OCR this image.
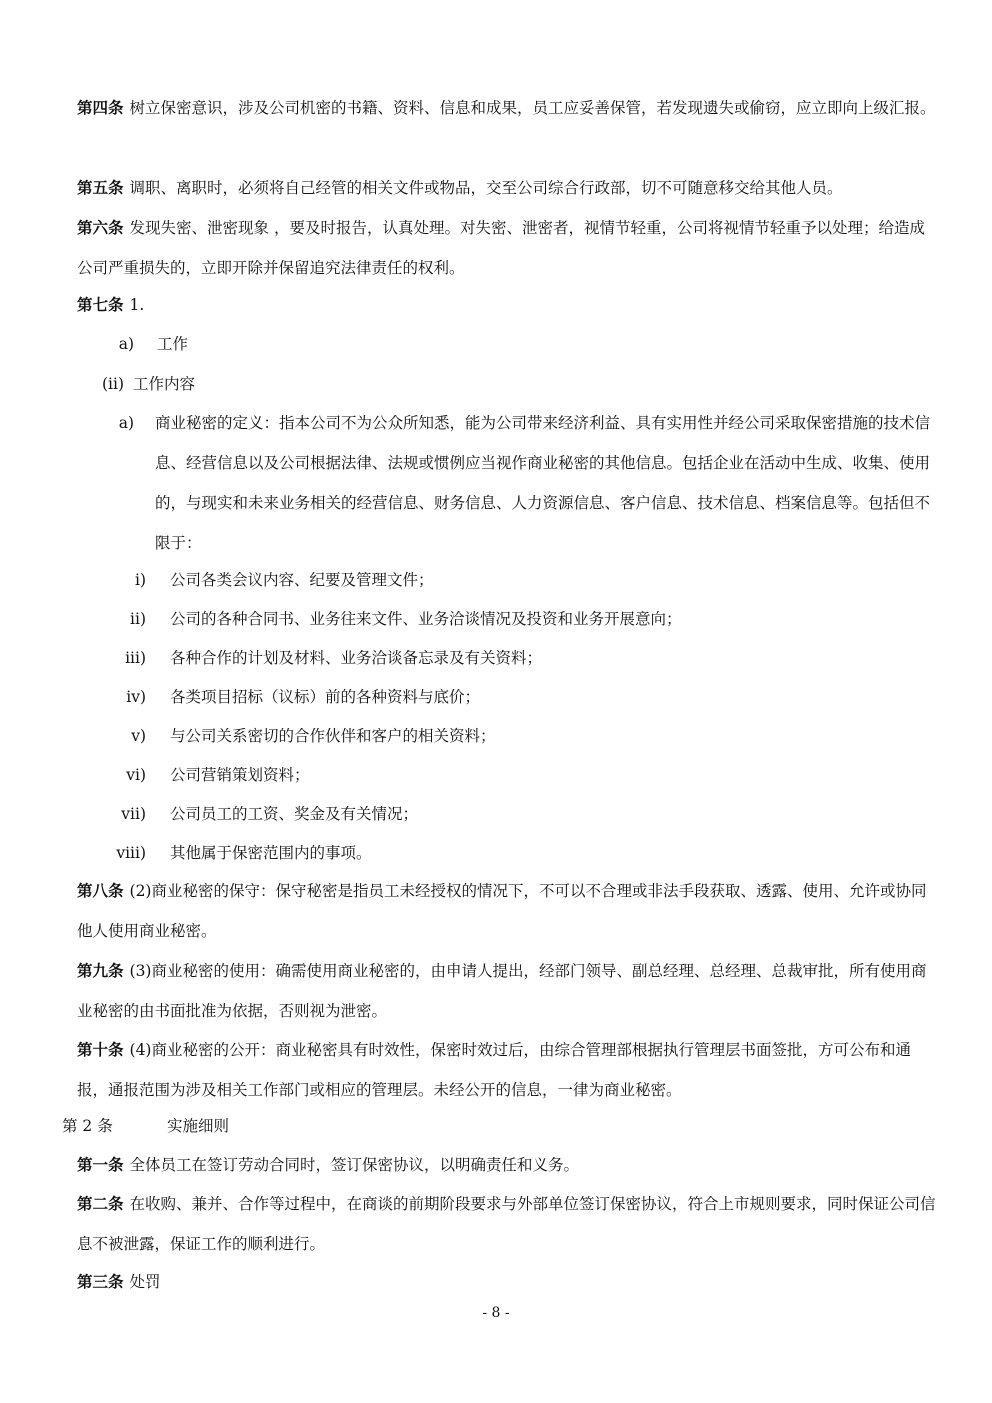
第四条 树立保密意识，涉及公司机密的书籍、资料、信息和成果，员工应妥善保管，若发现遗失或偷窃，应立即向上级汇报。

第五条 调职、离职时，必须将自己经管的相关文件或物品，交至公司综合行政部，切不可随意移交给其他人员。

第六条 发现失密、泄密现象 ，要及时报告，认真处理。对失密、泄密者，视情节轻重，公司将视情节轻重予以处理；给造成公司严重损失的，立即开除并保留追究法律责任的权利。

第七条 1.

a) 工作
(ii) 工作内容
a) 商业秘密的定义：指本公司不为公众所知悉，能为公司带来经济利益、具有实用性并经公司采取保密措施的技术信息、经营信息以及公司根据法律、法规或惯例应当视作商业秘密的其他信息。包括企业在活动中生成、收集、使用的，与现实和未来业务相关的经营信息、财务信息、人力资源信息、客户信息、技术信息、档案信息等。包括但不限于：

i) 公司各类会议内容、纪要及管理文件；
ii) 公司的各种合同书、业务往来文件、业务洽谈情况及投资和业务开展意向；
iii) 各种合作的计划及材料、业务洽谈备忘录及有关资料；
iv) 各类项目招标（议标）前的各种资料与底价；
v) 与公司关系密切的合作伙伴和客户的相关资料；
vi) 公司营销策划资料；
vii) 公司员工的工资、奖金及有关情况；
viii) 其他属于保密范围内的事项。

第八条 (2)商业秘密的保守：保守秘密是指员工未经授权的情况下，不可以不合理或非法手段获取、透露、使用、允许或协同他人使用商业秘密。

第九条 (3)商业秘密的使用：确需使用商业秘密的，由申请人提出，经部门领导、副总经理、总经理、总裁审批，所有使用商业秘密的由书面批准为依据，否则视为泄密。

第十条 (4)商业秘密的公开：商业秘密具有时效性，保密时效过后，由综合管理部根据执行管理层书面签批，方可公布和通报，通报范围为涉及相关工作部门或相应的管理层。未经公开的信息，一律为商业秘密。

第 2 条	实施细则

第一条 全体员工在签订劳动合同时，签订保密协议，以明确责任和义务。

第二条 在收购、兼并、合作等过程中，在商谈的前期阶段要求与外部单位签订保密协议，符合上市规则要求，同时保证公司信息不被泄露，保证工作的顺利进行。

第三条 处罚

- 8 -
